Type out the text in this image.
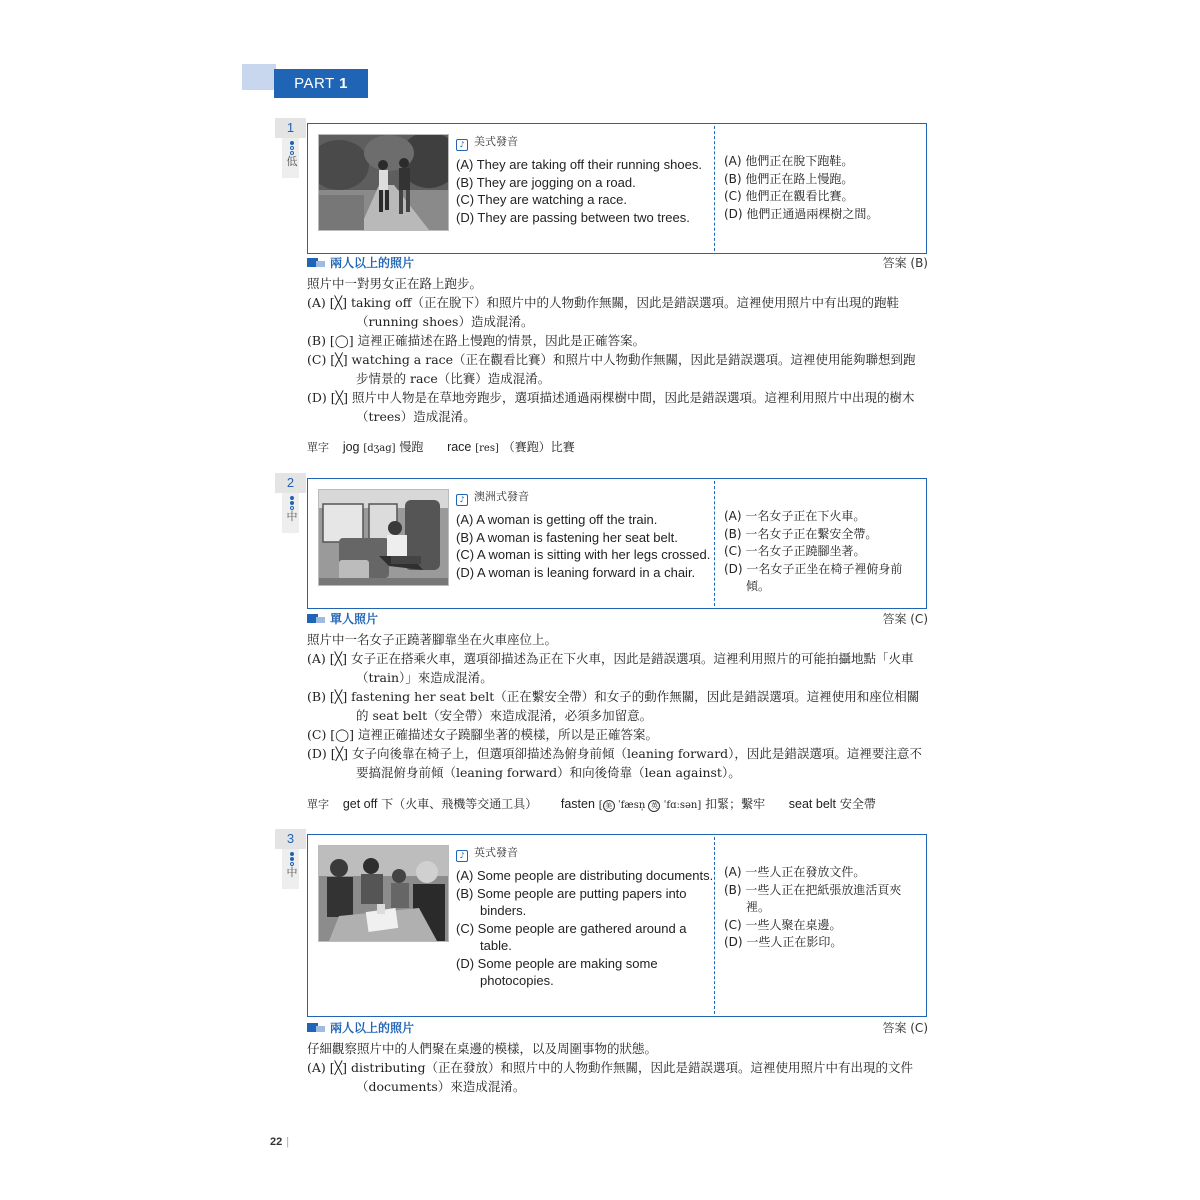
PART 1
1
低
♪ 美式發音

(A) They are taking off their running shoes.

(B) They are jogging on a road.

(C) They are watching a race.

(D) They are passing between two trees.

(A) 他們正在脫下跑鞋。

(B) 他們正在路上慢跑。

(C) 他們正在觀看比賽。

(D) 他們正通過兩棵樹之間。

兩人以上的照片	答案 (B)

照片中一對男女正在路上跑步。

(A) [╳] taking off（正在脫下）和照片中的人物動作無關，因此是錯誤選項。這裡使用照片中有出現的跑鞋（running shoes）造成混淆。

(B) [◯] 這裡正確描述在路上慢跑的情景，因此是正確答案。

(C) [╳] watching a race（正在觀看比賽）和照片中人物動作無關，因此是錯誤選項。這裡使用能夠聯想到跑步情景的 race（比賽）造成混淆。

(D) [╳] 照片中人物是在草地旁跑步，選項描述通過兩棵樹中間，因此是錯誤選項。這裡利用照片中出現的樹木（trees）造成混淆。

單字 jog [dʒag] 慢跑 race [res] （賽跑）比賽
2
中
♪ 澳洲式發音

(A) A woman is getting off the train.

(B) A woman is fastening her seat belt.

(C) A woman is sitting with her legs crossed.

(D) A woman is leaning forward in a chair.

(A) 一名女子正在下火車。

(B) 一名女子正在繫安全帶。

(C) 一名女子正蹺腳坐著。

(D) 一名女子正坐在椅子裡俯身前傾。

單人照片	答案 (C)

照片中一名女子正蹺著腳靠坐在火車座位上。

(A) [╳] 女子正在搭乘火車，選項卻描述為正在下火車，因此是錯誤選項。這裡利用照片的可能拍攝地點「火車（train）」來造成混淆。

(B) [╳] fastening her seat belt（正在繫安全帶）和女子的動作無關，因此是錯誤選項。這裡使用和座位相關的 seat belt（安全帶）來造成混淆，必須多加留意。

(C) [◯] 這裡正確描述女子蹺腳坐著的模樣，所以是正確答案。

(D) [╳] 女子向後靠在椅子上，但選項卻描述為俯身前傾（leaning forward），因此是錯誤選項。這裡要注意不要搞混俯身前傾（leaning forward）和向後倚靠（lean against）。

單字 get off 下（火車、飛機等交通工具） fasten [ 美 ˈfæsn̩ 英 ˈfɑːsən] 扣緊；繫牢 seat belt 安全帶
3
中
♪ 英式發音

(A) Some people are distributing documents.

(B) Some people are putting papers into binders.

(C) Some people are gathered around a table.

(D) Some people are making some photocopies.

(A) 一些人正在發放文件。

(B) 一些人正在把紙張放進活頁夾裡。

(C) 一些人聚在桌邊。

(D) 一些人正在影印。

兩人以上的照片	答案 (C)

仔細觀察照片中的人們聚在桌邊的模樣，以及周圍事物的狀態。

(A) [╳] distributing（正在發放）和照片中的人物動作無關，因此是錯誤選項。這裡使用照片中有出現的文件（documents）來造成混淆。

22 |
